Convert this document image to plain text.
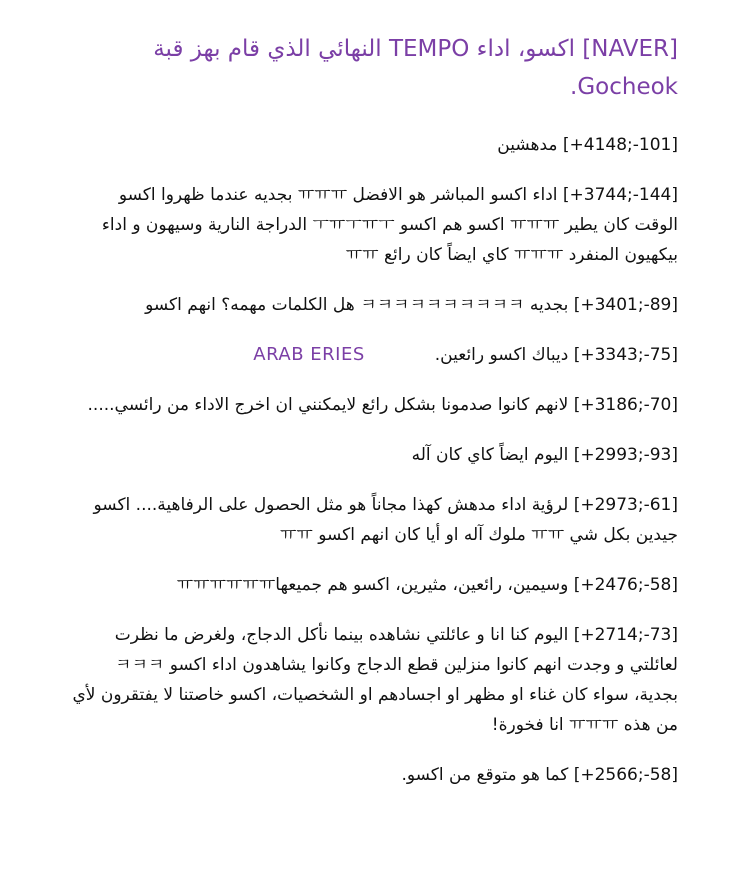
[NAVER] اكسو، اداء TEMPO النهائي الذي قام بهز قبة Gocheok.

[+4148;-101] مدهشين

[+3744;-144] اداء اكسو المباشر هو الافضل ㅠㅠㅠ بجديه عندما ظهروا اكسو الوقت كان يطير ㅠㅠㅠ اكسو هم اكسو ㅜㅠㅜㅠㅜ الدراجة النارية وسيهون و اداء بيكهيون المنفرد ㅠㅠㅠ كاي ايضاً كان رائع ㅠㅠ

[+3401;-89] بجديه ㅋㅋㅋㅋㅋㅋㅋㅋㅋㅋ هل الكلمات مهمه؟ انهم اكسو

[+3343;-75] ديباك اكسو رائعين.ARAB ERIES

[+3186;-70] لانهم كانوا صدمونا بشكل رائع لايمكنني ان اخرج الاداء من رائسي.....

[+2993;-93] اليوم ايضاً كاي كان آله

[+2973;-61] لرؤية اداء مدهش كهذا مجاناً هو مثل الحصول على الرفاهية.... اكسو جيدين بكل شي ㅠㅠ ملوك آله او أيا كان انهم اكسو ㅠㅠ

[+2476;-58] وسيمين، رائعين، مثيرين، اكسو هم جميعهاㅠㅠㅠㅠㅠㅠ

[+2714;-73] اليوم كنا انا و عائلتي نشاهده بينما نأكل الدجاج، ولغرض ما نظرت لعائلتي و وجدت انهم كانوا منزلين قطع الدجاج وكانوا يشاهدون اداء اكسو ㅋㅋㅋ بجدية، سواء كان غناء او مظهر او اجسادهم او الشخصيات، اكسو خاصتنا لا يفتقرون لأي من هذه ㅠㅠㅠ انا فخورة!

[+2566;-58] كما هو متوقع من اكسو.
